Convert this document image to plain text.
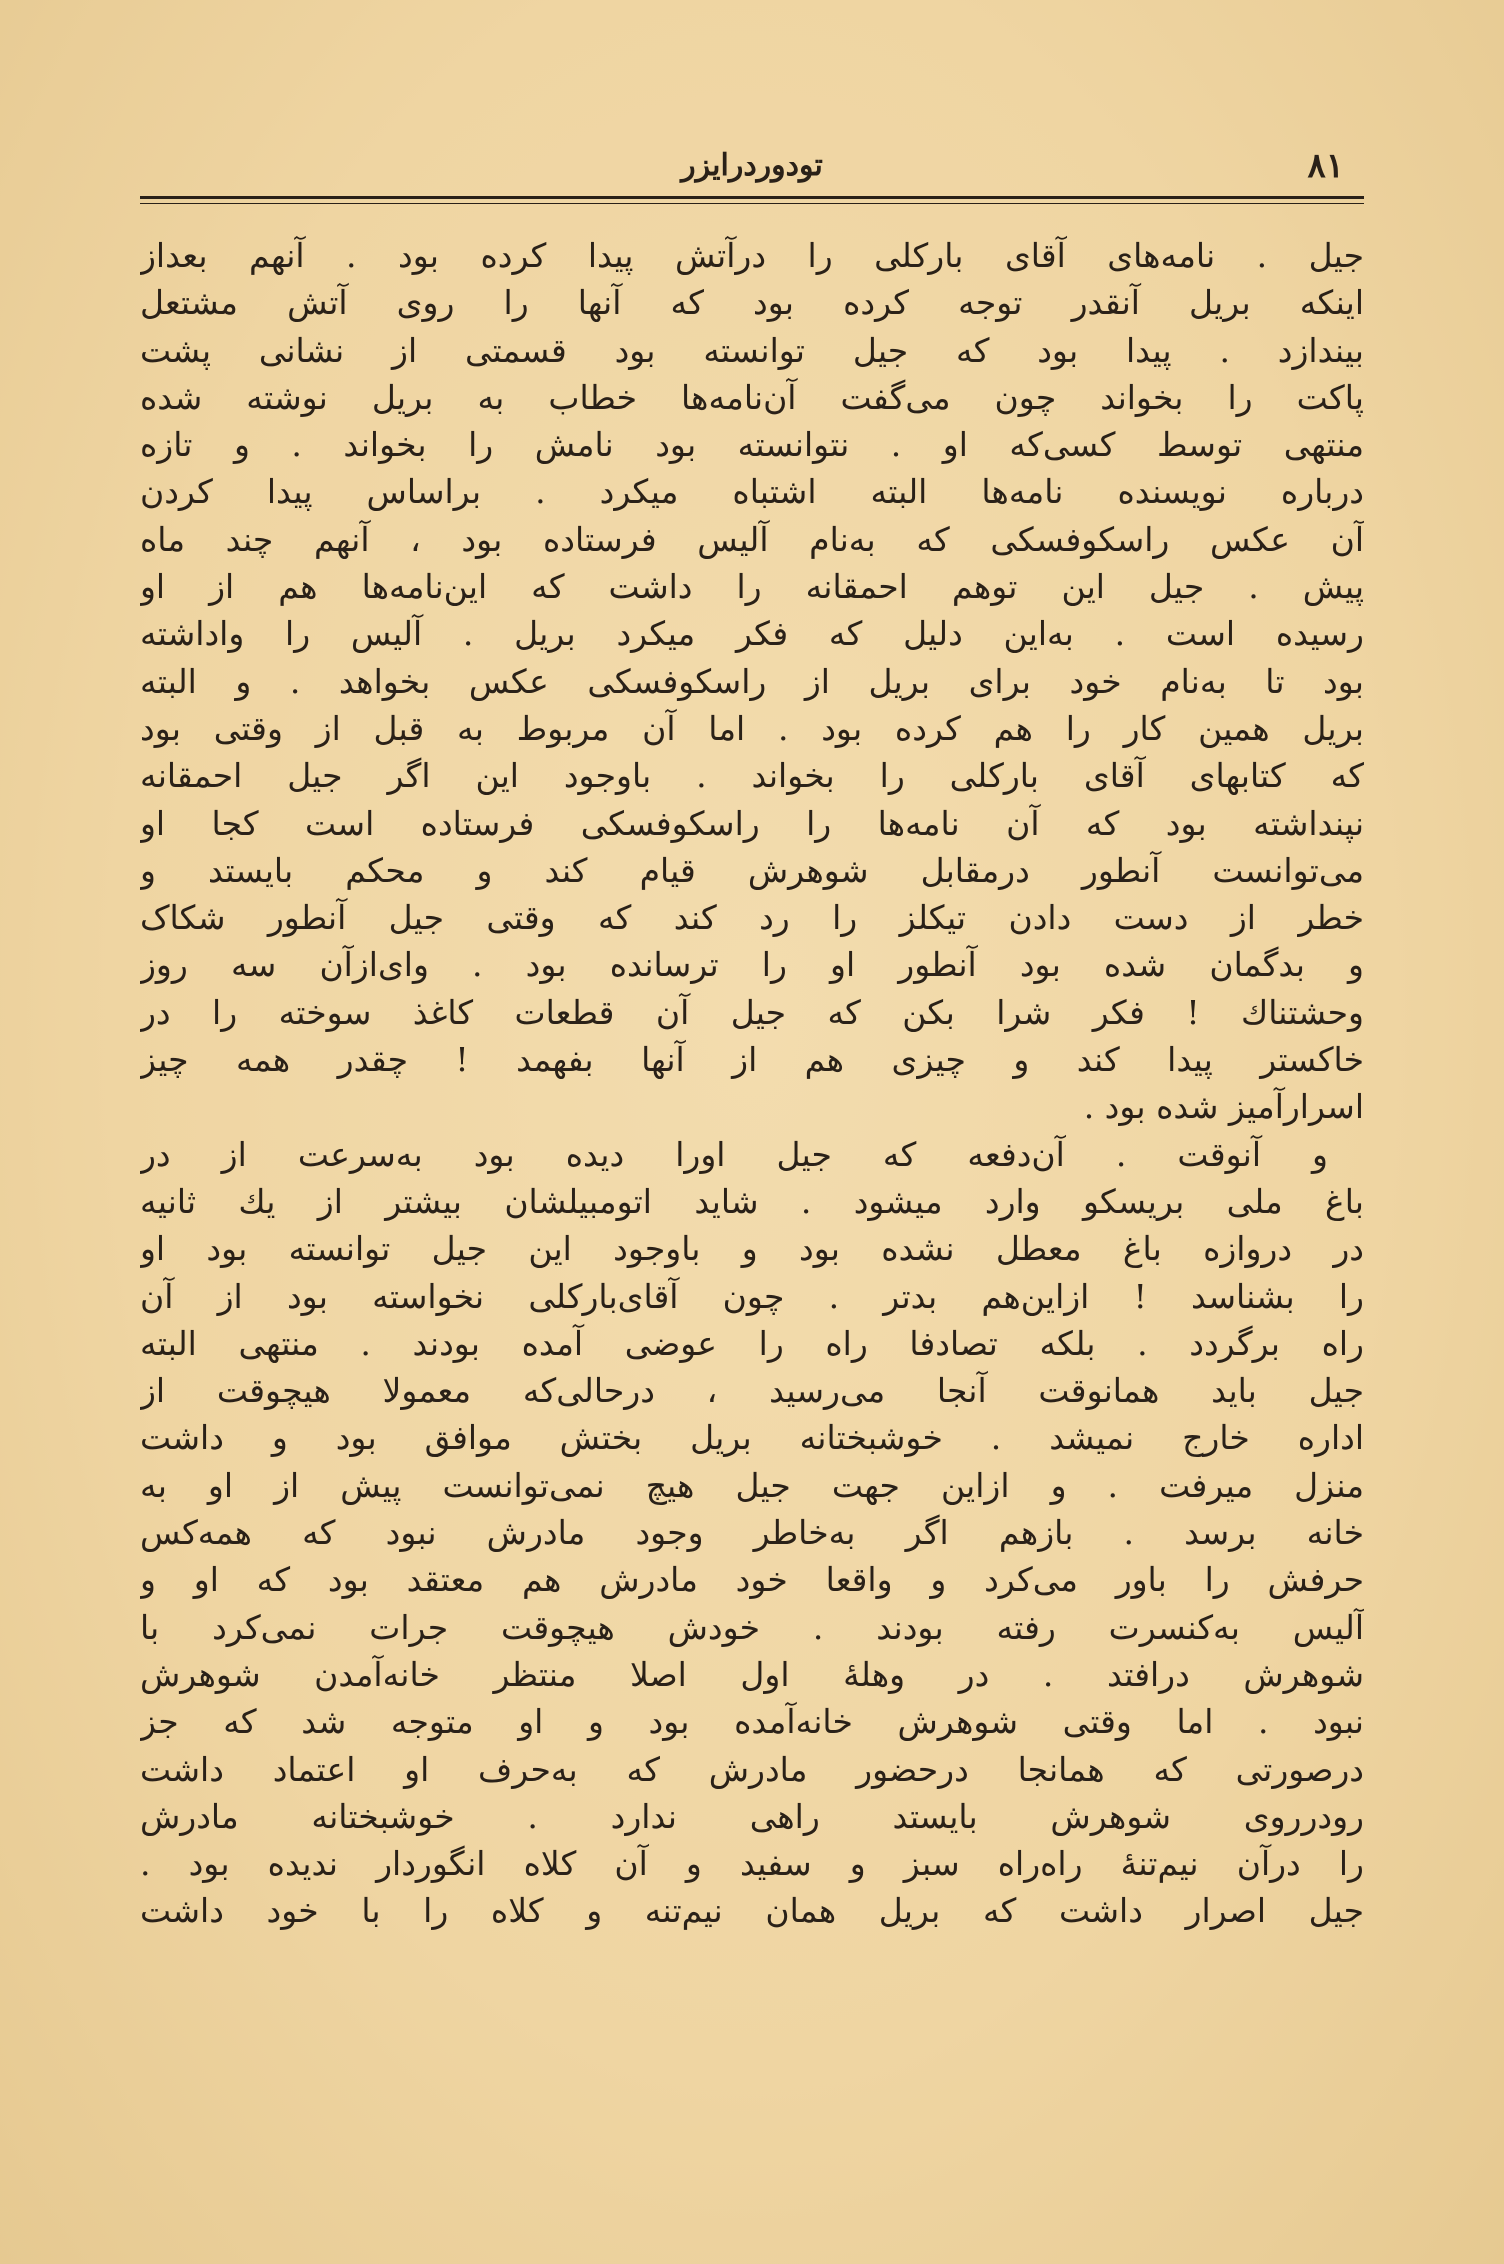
۸۱
تودوردرایزر
جیل . نامه‌های آقای بارکلی را درآتش پیدا کرده بود . آنهم بعداز
اینکه بریل آنقدر توجه کرده بود که آنها را روی آتش مشتعل
بیندازد . پیدا بود که جیل توانسته بود قسمتی از نشانی پشت
پاکت را بخواند چون می‌گفت آن‌نامه‌ها خطاب به بریل نوشته شده
منتهی توسط کسی‌که او . نتوانسته بود نامش را بخواند . و تازه
درباره نویسنده نامه‌ها البته اشتباه میکرد . براساس پیدا کردن
آن عکس راسکوفسکی که به‌نام آلیس فرستاده بود ، آنهم چند ماه
پیش . جیل این توهم احمقانه را داشت که این‌نامه‌ها هم از او
رسیده است . به‌این دلیل که فکر میکرد بریل . آلیس را واداشته
بود تا به‌نام خود برای بریل از راسکوفسکی عکس بخواهد . و البته
بریل همین کار را هم کرده بود . اما آن مربوط به قبل از وقتی بود
که کتابهای آقای بارکلی را بخواند . باوجود این اگر جیل احمقانه
نپنداشته بود که آن نامه‌ها را راسکوفسکی فرستاده است کجا او
می‌توانست آنطور درمقابل شوهرش قیام کند و محکم بایستد و
خطر از دست دادن تیکلز را رد کند که وقتی جیل آنطور شکاک
و بدگمان شده بود آنطور او را ترسانده بود . وای‌ازآن سه روز
وحشتناك ! فکر شرا بکن که جیل آن قطعات کاغذ سوخته را در
خاکستر پیدا کند و چیزی هم از آنها بفهمد ! چقدر همه چیز
اسرارآمیز شده بود .
و آنوقت . آن‌دفعه که جیل اورا دیده بود به‌سرعت از در
باغ ملی بریسکو وارد میشود . شاید اتومبیلشان بیشتر از یك ثانیه
در دروازه باغ معطل نشده بود و باوجود این جیل توانسته بود او
را بشناسد ! ازاین‌هم بدتر . چون آقای‌بارکلی نخواسته بود از آن
راه برگردد . بلکه تصادفا راه را عوضی آمده بودند . منتهی البته
جیل باید همانوقت آنجا می‌رسید ، درحالی‌که معمولا هیچوقت از
اداره خارج نمیشد . خوشبختانه بریل بختش موافق بود و داشت
منزل میرفت . و ازاین جهت جیل هیچ نمی‌توانست پیش از او به
خانه برسد . بازهم اگر به‌خاطر وجود مادرش نبود که همه‌کس
حرفش را باور می‌کرد و واقعا خود مادرش هم معتقد بود که او و
آلیس به‌کنسرت رفته بودند . خودش هیچوقت جرات نمی‌کرد با
شوهرش درافتد . در وهلهٔ اول اصلا منتظر خانه‌آمدن شوهرش
نبود . اما وقتی شوهرش خانه‌آمده بود و او متوجه شد که جز
درصورتی که همانجا درحضور مادرش که به‌حرف او اعتماد داشت
رودرروی شوهرش بایستد راهی ندارد . خوشبختانه مادرش
را درآن نیم‌تنهٔ راه‌راه سبز و سفید و آن کلاه انگوردار ندیده بود .
جیل اصرار داشت که بریل همان نیم‌تنه و کلاه را با خود داشت
